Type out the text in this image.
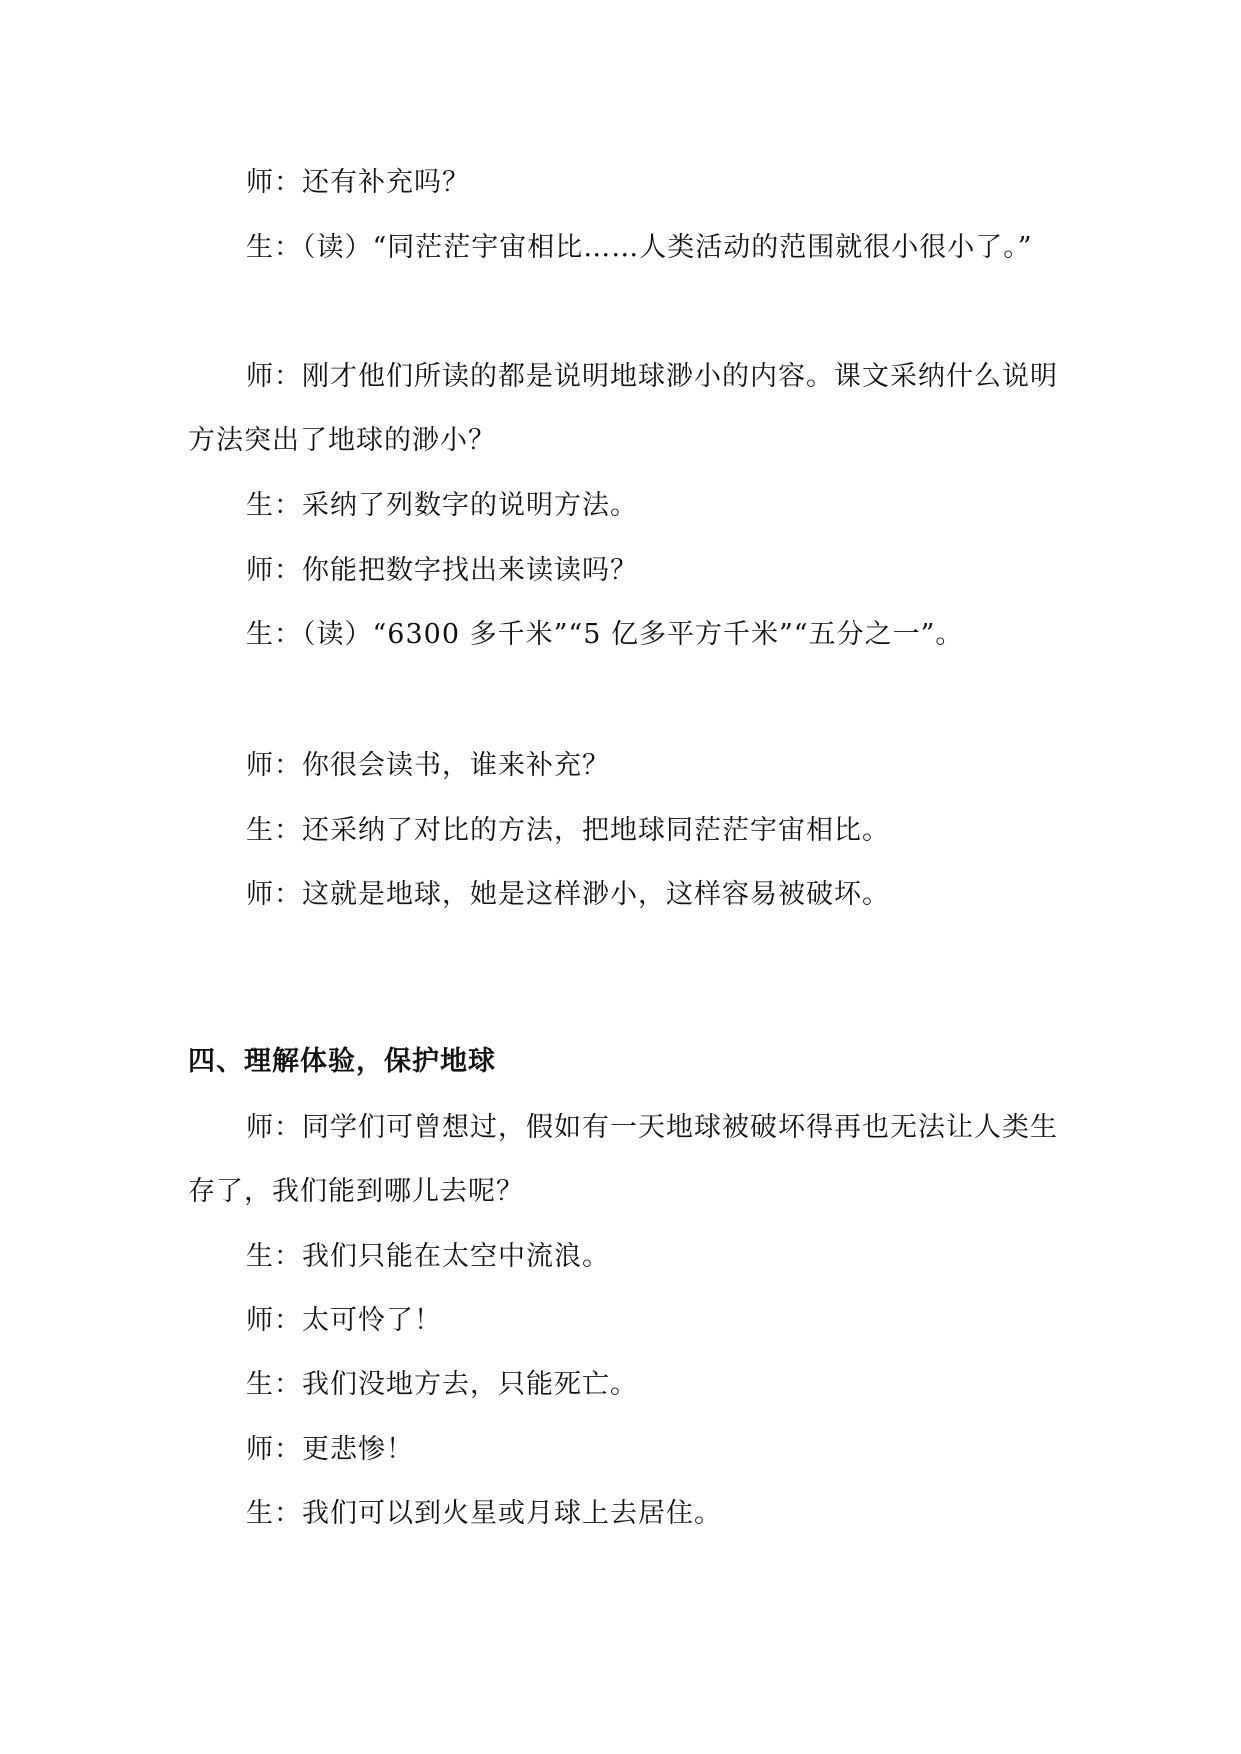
师：还有补充吗？
生：（读）“同茫茫宇宙相比……人类活动的范围就很小很小了。”
师：刚才他们所读的都是说明地球渺小的内容。课文采纳什么说明方法突出了地球的渺小？
生：采纳了列数字的说明方法。
师：你能把数字找出来读读吗？
生：（读）“6300 多千米”“5 亿多平方千米”“五分之一”。
师：你很会读书，谁来补充？
生：还采纳了对比的方法，把地球同茫茫宇宙相比。
师：这就是地球，她是这样渺小，这样容易被破坏。
四、理解体验，保护地球
师：同学们可曾想过，假如有一天地球被破坏得再也无法让人类生存了，我们能到哪儿去呢？
生：我们只能在太空中流浪。
师：太可怜了！
生：我们没地方去，只能死亡。
师：更悲惨！
生：我们可以到火星或月球上去居住。
